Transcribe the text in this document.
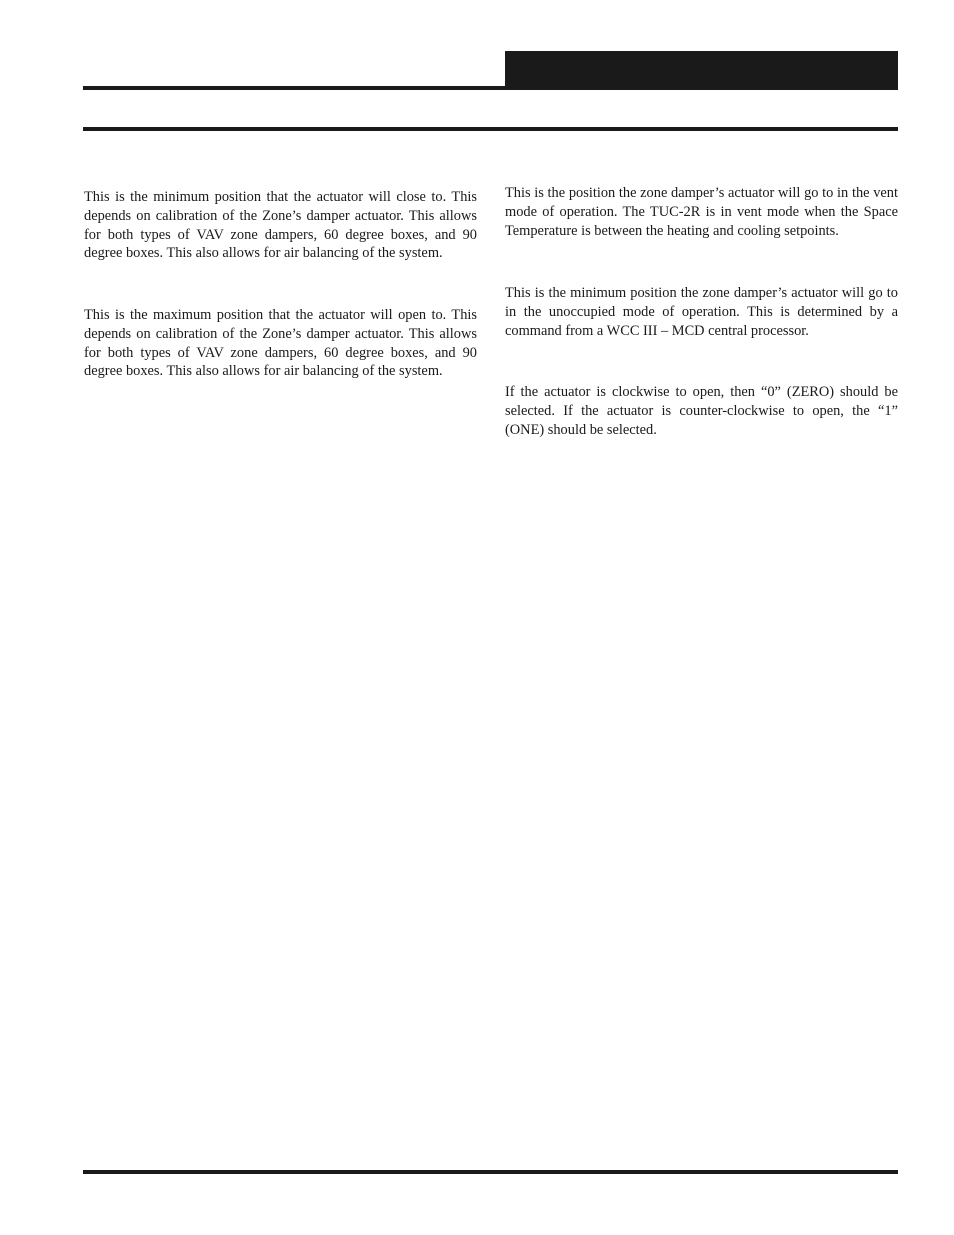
This is the minimum position that the actuator will close to. This depends on calibration of the Zone’s damper actuator. This allows for both types of VAV zone dampers, 60 degree boxes, and 90 degree boxes. This also allows for air balancing of the system.

This is the maximum position that the actuator will open to. This depends on calibration of the Zone’s damper actuator. This allows for both types of VAV zone dampers, 60 degree boxes, and 90 degree boxes. This also allows for air balancing of the system.

This is the position the zone damper’s actuator will go to in the vent mode of operation. The TUC-2R is in vent mode when the Space Temperature is between the heating and cooling setpoints.

This is the minimum position the zone damper’s actuator will go to in the unoccupied mode of operation. This is determined by a command from a WCC III – MCD central processor.

If the actuator is clockwise to open, then “0” (ZERO) should be selected. If the actuator is counter-clockwise to open, the “1” (ONE) should be selected.
